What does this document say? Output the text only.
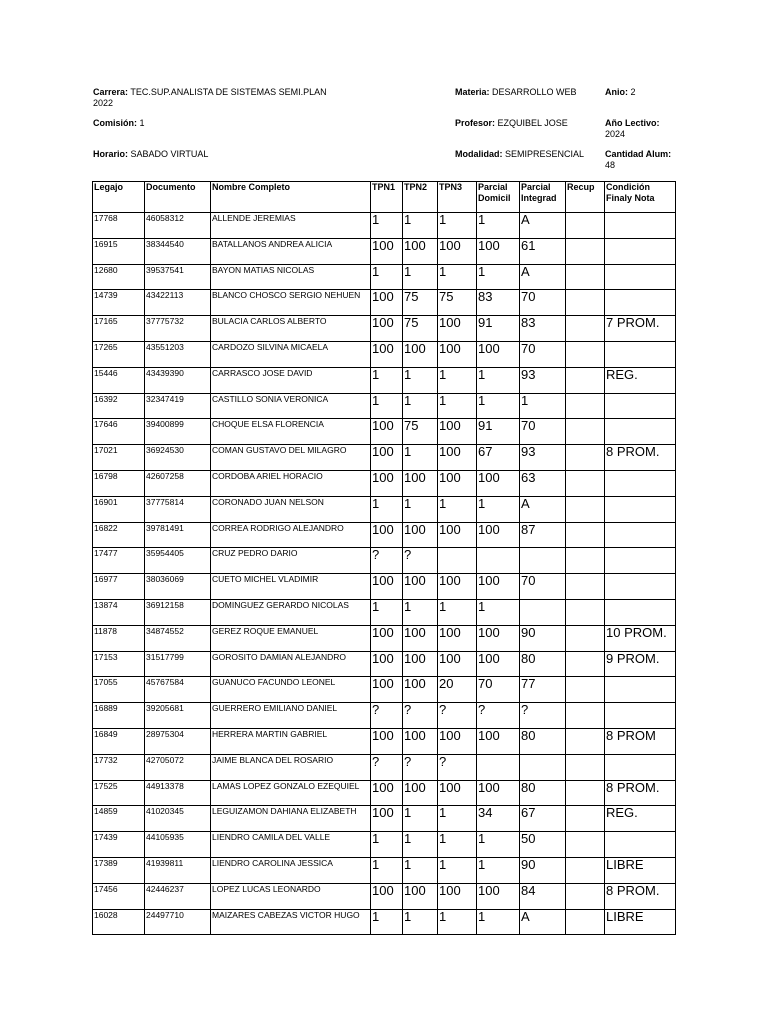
Carrera: TEC.SUP.ANALISTA DE SISTEMAS SEMI.PLAN
2022
Materia: DESARROLLO WEB	Anio: 2
Comisión: 1	Profesor: EZQUIBEL JOSE	Año Lectivo:
2024
Horario: SABADO VIRTUAL	Modalidad: SEMIPRESENCIAL Cantidad Alum:
48
Legajo	Documento	Nombre Completo	TPN1	TPN2	TPN3	Parcial Domicil	Parcial Integrad	Recup	Condición Finaly Nota
17768	46058312	ALLENDE JEREMIAS	1	1	1	1	A		
16915	38344540	BATALLANOS ANDREA ALICIA	100	100	100	100	61		
12680	39537541	BAYON MATIAS NICOLAS	1	1	1	1	A		
14739	43422113	BLANCO CHOSCO SERGIO NEHUEN	100	75	75	83	70		
17165	37775732	BULACIA CARLOS ALBERTO	100	75	100	91	83		7 PROM.
17265	43551203	CARDOZO SILVINA MICAELA	100	100	100	100	70		
15446	43439390	CARRASCO JOSE DAVID	1	1	1	1	93		REG.
16392	32347419	CASTILLO SONIA VERONICA	1	1	1	1	1		
17646	39400899	CHOQUE ELSA FLORENCIA	100	75	100	91	70		
17021	36924530	COMAN GUSTAVO DEL MILAGRO	100	1	100	67	93		8 PROM.
16798	42607258	CORDOBA ARIEL HORACIO	100	100	100	100	63		
16901	37775814	CORONADO JUAN NELSON	1	1	1	1	A		
16822	39781491	CORREA RODRIGO ALEJANDRO	100	100	100	100	87		
17477	35954405	CRUZ PEDRO DARIO	?	?					
16977	38036069	CUETO MICHEL VLADIMIR	100	100	100	100	70		
13874	36912158	DOMINGUEZ GERARDO NICOLAS	1	1	1	1			
11878	34874552	GEREZ ROQUE EMANUEL	100	100	100	100	90		10 PROM.
17153	31517799	GOROSITO DAMIAN ALEJANDRO	100	100	100	100	80		9 PROM.
17055	45767584	GUANUCO FACUNDO LEONEL	100	100	20	70	77		
16889	39205681	GUERRERO EMILIANO DANIEL	?	?	?	?	?		
16849	28975304	HERRERA MARTIN GABRIEL	100	100	100	100	80		8 PROM
17732	42705072	JAIME BLANCA DEL ROSARIO	?	?	?				
17525	44913378	LAMAS LOPEZ GONZALO EZEQUIEL	100	100	100	100	80		8 PROM.
14859	41020345	LEGUIZAMON DAHIANA ELIZABETH	100	1	1	34	67		REG.
17439	44105935	LIENDRO CAMILA DEL VALLE	1	1	1	1	50		
17389	41939811	LIENDRO CAROLINA JESSICA	1	1	1	1	90		LIBRE
17456	42446237	LOPEZ LUCAS LEONARDO	100	100	100	100	84		8 PROM.
16028	24497710	MAIZARES CABEZAS VICTOR HUGO	1	1	1	1	A		LIBRE
